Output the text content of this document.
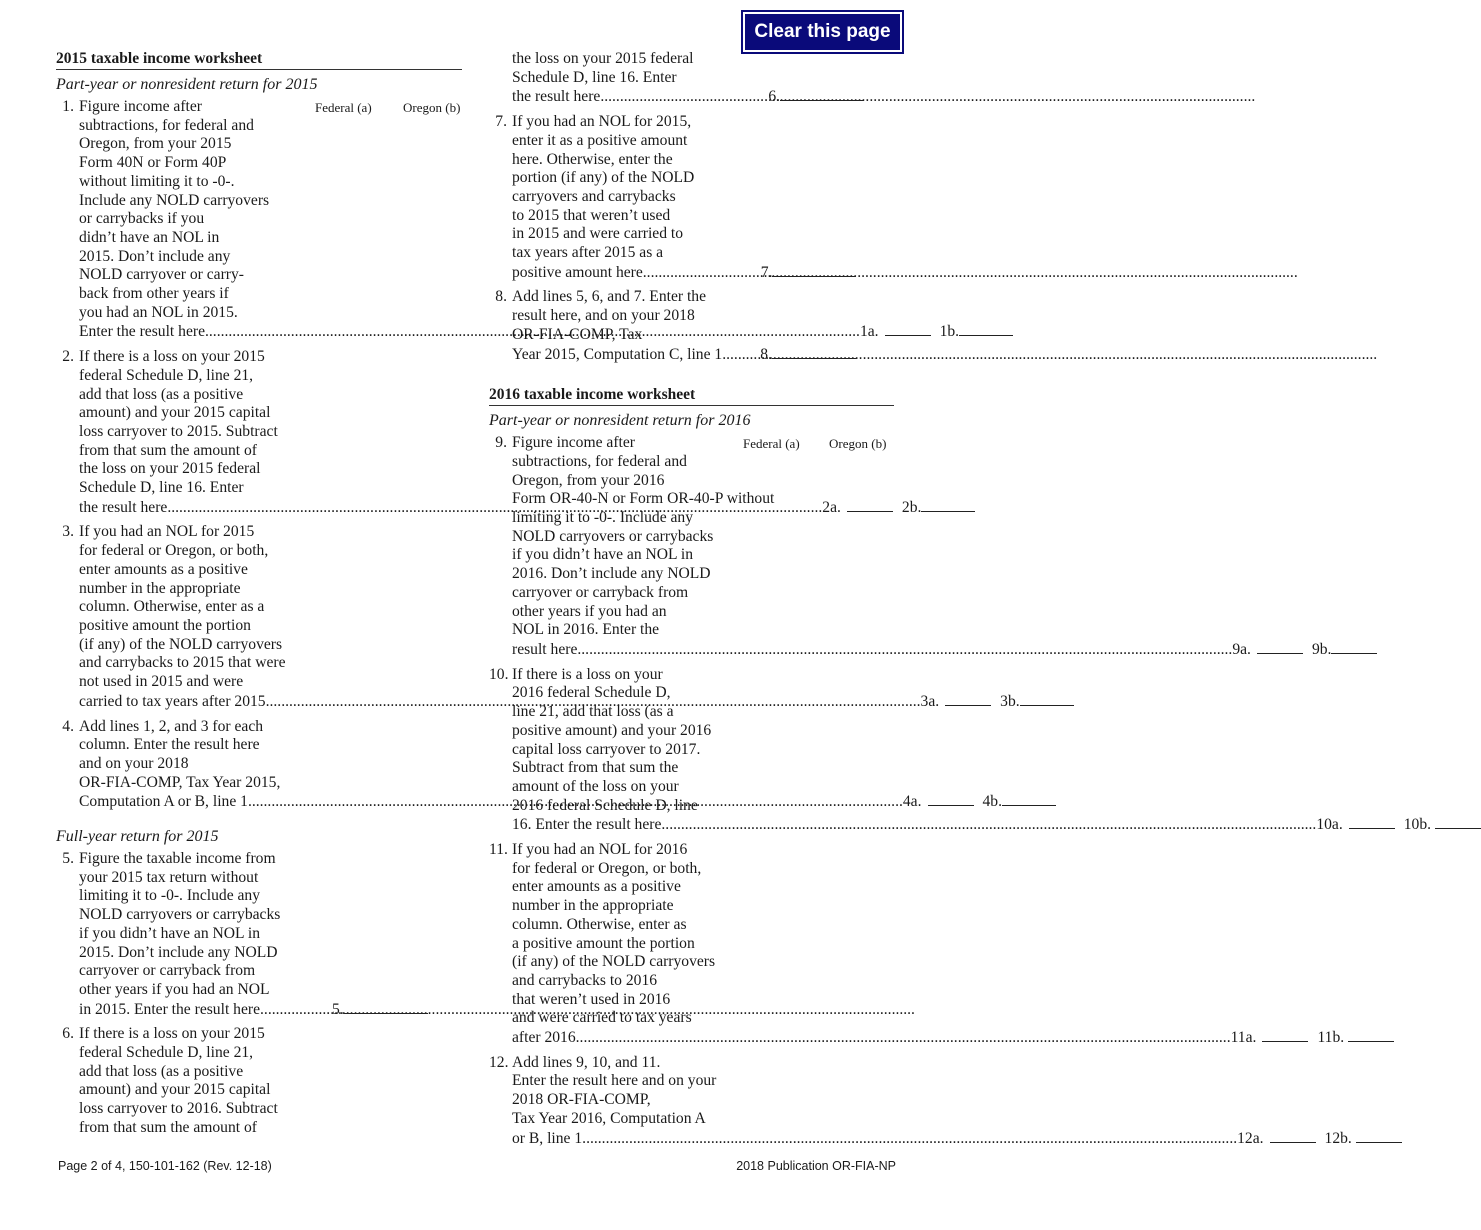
Clear this page
2015 taxable income worksheet
Part-year or nonresident return for 2015
1.	Federal (a) Oregon (b)
Figure income after
subtractions, for federal and
Oregon, from your 2015
Form 40N or Form 40P
without limiting it to -0-.
Include any NOLD carryovers
or carrybacks if you
didn’t have an NOL in
2015. Don’t include any
NOLD carryover or carry-
back from other years if
you had an NOL in 2015.
Enter the result here .....	1a.	1b.
2. If there is a loss on your 2015
federal Schedule D, line 21,
add that loss (as a positive
amount) and your 2015 capital
loss carryover to 2015. Subtract
from that sum the amount of
the loss on your 2015 federal
Schedule D, line 16. Enter
the result here .....	2a.	2b.
3. If you had an NOL for 2015
for federal or Oregon, or both,
enter amounts as a positive
number in the appropriate
column. Otherwise, enter as a
positive amount the portion
(if any) of the NOLD carryovers
and carrybacks to 2015 that were
not used in 2015 and were
carried to tax years after 2015 .....	3a.	3b.
4. Add lines 1, 2, and 3 for each
column. Enter the result here
and on your 2018
OR-FIA-COMP, Tax Year 2015,
Computation A or B, line 1 .....	4a.	4b.
Full-year return for 2015
5. Figure the taxable income from
your 2015 tax return without
limiting it to -0-. Include any
NOLD carryovers or carrybacks
if you didn’t have an NOL in
2015. Don’t include any NOLD
carryover or carryback from
other years if you had an NOL
in 2015. Enter the result here .....	5.
6. If there is a loss on your 2015
federal Schedule D, line 21,
add that loss (as a positive
amount) and your 2015 capital
loss carryover to 2016. Subtract
from that sum the amount of
the loss on your 2015 federal
Schedule D, line 16. Enter
the result here .....	6.
7. If you had an NOL for 2015,
enter it as a positive amount
here. Otherwise, enter the
portion (if any) of the NOLD
carryovers and carrybacks
to 2015 that weren’t used
in 2015 and were carried to
tax years after 2015 as a
positive amount here .....	7.
8. Add lines 5, 6, and 7. Enter the
result here, and on your 2018
OR-FIA-COMP, Tax
Year 2015, Computation C, line 1 ..... 8.
2016 taxable income worksheet
Part-year or nonresident return for 2016
9.	Federal (a) Oregon (b)
Figure income after
subtractions, for federal and
Oregon, from your 2016
Form OR-40-N or Form OR-40-P without
limiting it to -0-. Include any
NOLD carryovers or carrybacks
if you didn’t have an NOL in
2016. Don’t include any NOLD
carryover or carryback from
other years if you had an
NOL in 2016. Enter the
result here .....	9a.	9b.
10. If there is a loss on your
2016 federal Schedule D,
line 21, add that loss (as a
positive amount) and your 2016
capital loss carryover to 2017.
Subtract from that sum the
amount of the loss on your
2016 federal Schedule D, line
16. Enter the result here .....	10a.	10b.
11. If you had an NOL for 2016
for federal or Oregon, or both,
enter amounts as a positive
number in the appropriate
column. Otherwise, enter as
a positive amount the portion
(if any) of the NOLD carryovers
and carrybacks to 2016
that weren’t used in 2016
and were carried to tax years
after 2016 .....	11a.	11b.
12. Add lines 9, 10, and 11.
Enter the result here and on your
2018 OR-FIA-COMP,
Tax Year 2016, Computation A
or B, line 1 .....	12a.	12b.
Page 2 of 4, 150-101-162 (Rev. 12-18)	2018 Publication OR-FIA-NP
